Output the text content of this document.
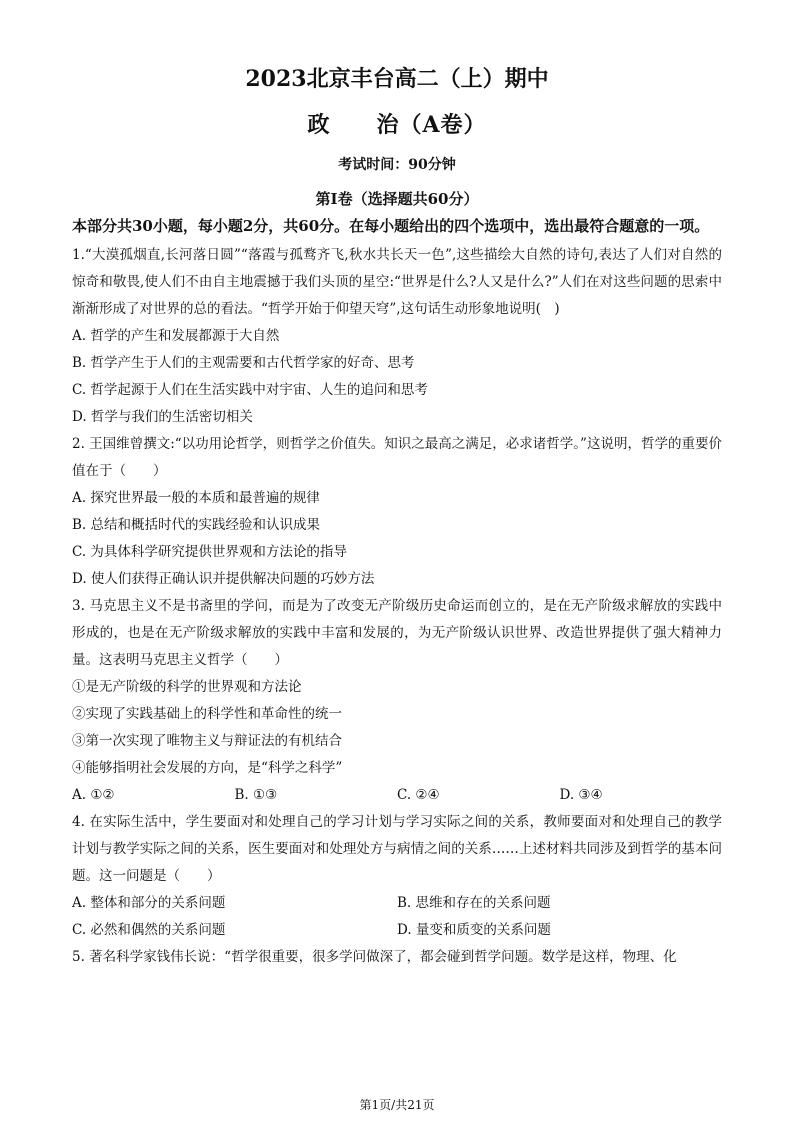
2023北京丰台高二（上）期中
政　　治（A卷）
考试时间：90分钟
第Ⅰ卷（选择题共60分）
本部分共30小题，每小题2分，共60分。在每小题给出的四个选项中，选出最符合题意的一项。
1.“大漠孤烟直,长河落日圆”“落霞与孤鹜齐飞,秋水共长天一色”,这些描绘大自然的诗句,表达了人们对自然的惊奇和敬畏,使人们不由自主地震撼于我们头顶的星空:“世界是什么?人又是什么?”人们在对这些问题的思索中渐渐形成了对世界的总的看法。“哲学开始于仰望天穹”,这句话生动形象地说明(　)
A. 哲学的产生和发展都源于大自然
B. 哲学产生于人们的主观需要和古代哲学家的好奇、思考
C. 哲学起源于人们在生活实践中对宇宙、人生的追问和思考
D. 哲学与我们的生活密切相关
2. 王国维曾撰文:“以功用论哲学，则哲学之价值失。知识之最高之满足，必求诸哲学。”这说明，哲学的重要价值在于（　　）
A. 探究世界最一般的本质和最普遍的规律
B. 总结和概括时代的实践经验和认识成果
C. 为具体科学研究提供世界观和方法论的指导
D. 使人们获得正确认识并提供解决问题的巧妙方法
3. 马克思主义不是书斋里的学问，而是为了改变无产阶级历史命运而创立的，是在无产阶级求解放的实践中形成的，也是在无产阶级求解放的实践中丰富和发展的，为无产阶级认识世界、改造世界提供了强大精神力量。这表明马克思主义哲学（　　）
①是无产阶级的科学的世界观和方法论
②实现了实践基础上的科学性和革命性的统一
③第一次实现了唯物主义与辩证法的有机结合
④能够指明社会发展的方向，是“科学之科学”
A. ①②	B. ①③	C. ②④	D. ③④
4. 在实际生活中，学生要面对和处理自己的学习计划与学习实际之间的关系，教师要面对和处理自己的教学计划与教学实际之间的关系，医生要面对和处理处方与病情之间的关系……上述材料共同涉及到哲学的基本问题。这一问题是（　　）
A. 整体和部分的关系问题	B. 思维和存在的关系问题
C. 必然和偶然的关系问题	D. 量变和质变的关系问题
5. 著名科学家钱伟长说：“哲学很重要，很多学问做深了，都会碰到哲学问题。数学是这样，物理、化
第1页/共21页
